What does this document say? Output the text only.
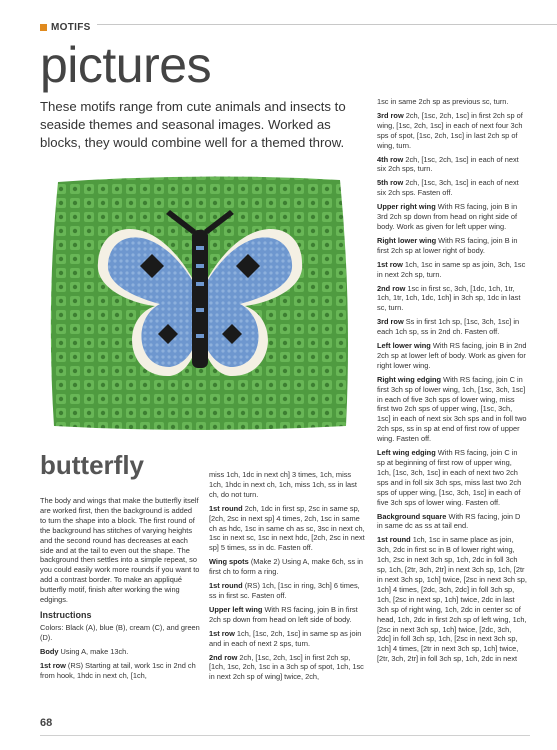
MOTIFS
pictures

These motifs range from cute animals and insects to seaside themes and seasonal images. Worked as blocks, they would combine well for a themed throw.

butterfly

The body and wings that make the butterfly itself are worked first, then the background is added to turn the shape into a block. The first round of the background has stitches of varying heights and the second round has decreases at each side and at the tail to even out the shape. The background then settles into a simple repeat, so you could easily work more rounds if you want to add a contrast border. To make an appliqué butterfly motif, finish after working the wing edgings.

Instructions

Colors: Black (A), blue (B), cream (C), and green (D).

Body Using A, make 13ch.

1st row (RS) Starting at tail, work 1sc in 2nd ch from hook, 1hdc in next ch, [1ch,

miss 1ch, 1dc in next ch] 3 times, 1ch, miss 1ch, 1hdc in next ch, 1ch, miss 1ch, ss in last ch, do not turn.

1st round 2ch, 1dc in first sp, 2sc in same sp, [2ch, 2sc in next sp] 4 times, 2ch, 1sc in same ch as hdc, 1sc in same ch as sc, 3sc in next ch, 1sc in next sc, 1sc in next hdc, [2ch, 2sc in next sp] 5 times, ss in dc. Fasten off.

Wing spots (Make 2) Using A, make 6ch, ss in first ch to form a ring.

1st round (RS) 1ch, [1sc in ring, 3ch] 6 times, ss in first sc. Fasten off.

Upper left wing With RS facing, join B in first 2ch sp down from head on left side of body.

1st row 1ch, [1sc, 2ch, 1sc] in same sp as join and in each of next 2 sps, turn.

2nd row 2ch, [1sc, 2ch, 1sc] in first 2ch sp, [1ch, 1sc, 2ch, 1sc in a 3ch sp of spot, 1ch, 1sc in next 2ch sp of wing] twice, 2ch,

1sc in same 2ch sp as previous sc, turn.

3rd row 2ch, [1sc, 2ch, 1sc] in first 2ch sp of wing, [1sc, 2ch, 1sc] in each of next four 3ch sps of spot, [1sc, 2ch, 1sc] in last 2ch sp of wing, turn.

4th row 2ch, [1sc, 2ch, 1sc] in each of next six 2ch sps, turn.

5th row 2ch, [1sc, 3ch, 1sc] in each of next six 2ch sps. Fasten off.

Upper right wing With RS facing, join B in 3rd 2ch sp down from head on right side of body. Work as given for left upper wing.

Right lower wing With RS facing, join B in first 2ch sp at lower right of body.

1st row 1ch, 1sc in same sp as join, 3ch, 1sc in next 2ch sp, turn.

2nd row 1sc in first sc, 3ch, [1dc, 1ch, 1tr, 1ch, 1tr, 1ch, 1dc, 1ch] in 3ch sp, 1dc in last sc, turn.

3rd row Ss in first 1ch sp, [1sc, 3ch, 1sc] in each 1ch sp, ss in 2nd ch. Fasten off.

Left lower wing With RS facing, join B in 2nd 2ch sp at lower left of body. Work as given for right lower wing.

Right wing edging With RS facing, join C in first 3ch sp of lower wing, 1ch, [1sc, 3ch, 1sc] in each of five 3ch sps of lower wing, miss first two 2ch sps of upper wing, [1sc, 3ch, 1sc] in each of next six 3ch sps and in foll two 2ch sps, ss in sp at end of first row of upper wing. Fasten off.

Left wing edging With RS facing, join C in sp at beginning of first row of upper wing, 1ch, [1sc, 3ch, 1sc] in each of next two 2ch sps and in foll six 3ch sps, miss last two 2ch sps of upper wing, [1sc, 3ch, 1sc] in each of five 3ch sps of lower wing. Fasten off.

Background square With RS facing, join D in same dc as ss at tail end.

1st round 1ch, 1sc in same place as join, 3ch, 2dc in first sc in B of lower right wing, 1ch, 2sc in next 3ch sp, 1ch, 2dc in foll 3ch sp, 1ch, [2tr, 3ch, 2tr] in next 3ch sp, 1ch, [2tr in next 3ch sp, 1ch] twice, [2sc in next 3ch sp, 1ch] 4 times, [2dc, 3ch, 2dc] in foll 3ch sp, 1ch, [2sc in next sp, 1ch] twice, 2dc in last 3ch sp of right wing, 1ch, 2dc in center sc of head, 1ch, 2dc in first 2ch sp of left wing, 1ch, [2sc in next 3ch sp, 1ch] twice, [2dc, 3ch, 2dc] in foll 3ch sp, 1ch, [2sc in next 3ch sp, 1ch] 4 times, [2tr in next 3ch sp, 1ch] twice, [2tr, 3ch, 2tr] in foll 3ch sp, 1ch, 2dc in next

68
